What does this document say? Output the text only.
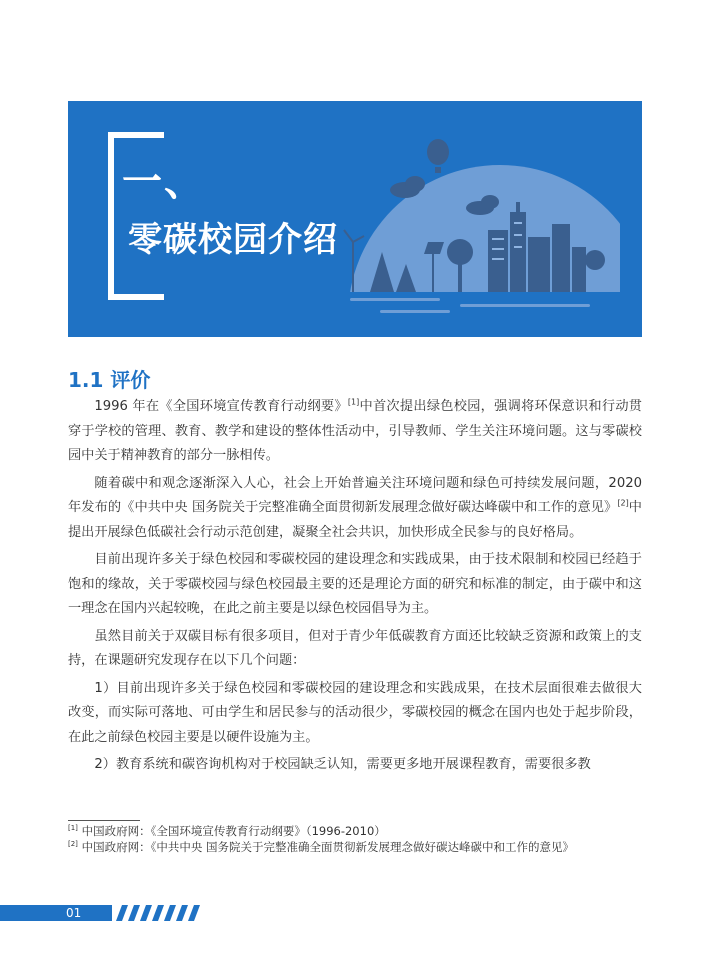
一、
零碳校园介绍
1.1 评价

1996 年在《全国环境宣传教育行动纲要》[1]中首次提出绿色校园，强调将环保意识和行动贯穿于学校的管理、教育、教学和建设的整体性活动中，引导教师、学生关注环境问题。这与零碳校园中关于精神教育的部分一脉相传。

随着碳中和观念逐渐深入人心，社会上开始普遍关注环境问题和绿色可持续发展问题，2020 年发布的《中共中央 国务院关于完整准确全面贯彻新发展理念做好碳达峰碳中和工作的意见》[2]中提出开展绿色低碳社会行动示范创建，凝聚全社会共识，加快形成全民参与的良好格局。

目前出现许多关于绿色校园和零碳校园的建设理念和实践成果，由于技术限制和校园已经趋于饱和的缘故，关于零碳校园与绿色校园最主要的还是理论方面的研究和标准的制定，由于碳中和这一理念在国内兴起较晚，在此之前主要是以绿色校园倡导为主。

虽然目前关于双碳目标有很多项目，但对于青少年低碳教育方面还比较缺乏资源和政策上的支持，在课题研究发现存在以下几个问题：

1）目前出现许多关于绿色校园和零碳校园的建设理念和实践成果，在技术层面很难去做很大改变，而实际可落地、可由学生和居民参与的活动很少，零碳校园的概念在国内也处于起步阶段，在此之前绿色校园主要是以硬件设施为主。

2）教育系统和碳咨询机构对于校园缺乏认知，需要更多地开展课程教育，需要很多教

[1] 中国政府网：《全国环境宣传教育行动纲要》（1996-2010）

[2] 中国政府网：《中共中央 国务院关于完整准确全面贯彻新发展理念做好碳达峰碳中和工作的意见》

01
